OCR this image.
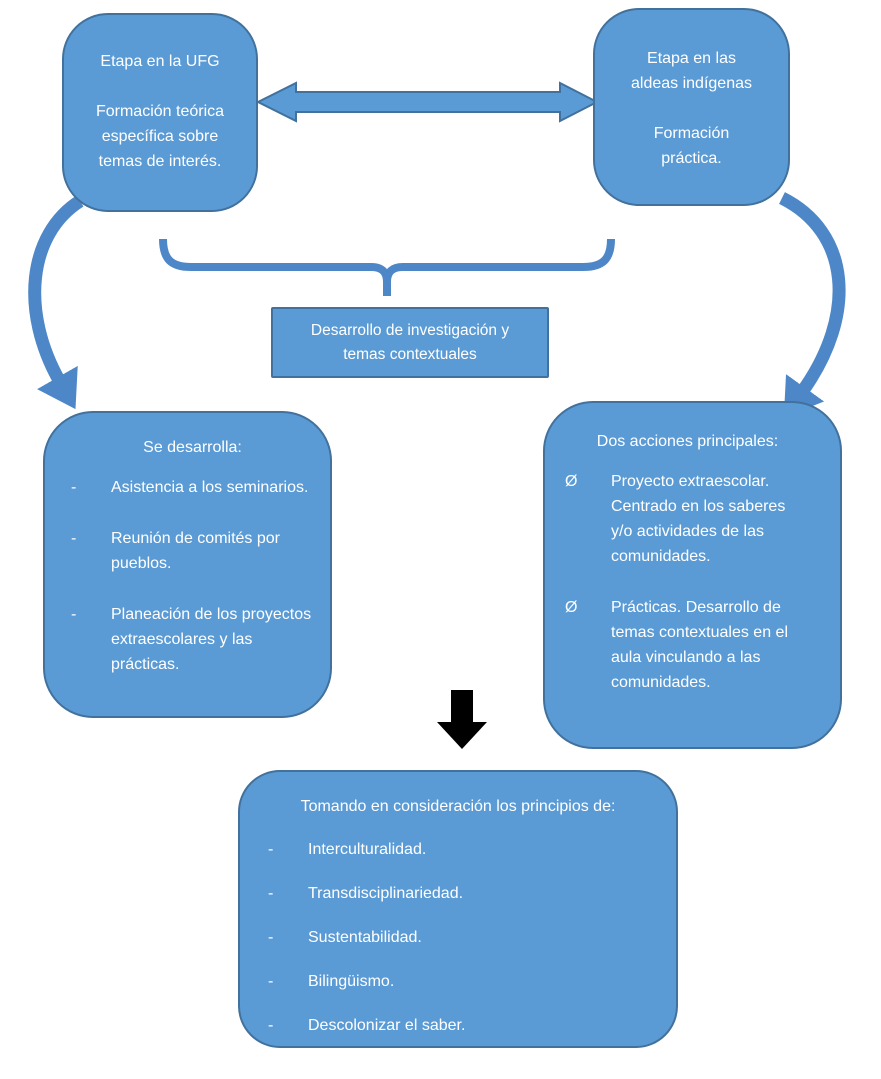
Etapa en la UFG
Formación teórica específica sobre temas de interés.
Etapa en las aldeas indígenas
Formación práctica.
Desarrollo de investigación y temas contextuales
Se desarrolla:
-	Asistencia a los seminarios.
-	Reunión de comités por pueblos.
-	Planeación de los proyectos extraescolares y las prácticas.
Dos acciones principales:
Ø	Proyecto extraescolar. Centrado en los saberes y/o actividades de las comunidades.
Ø	Prácticas. Desarrollo de temas contextuales en el aula vinculando a las comunidades.
Tomando en consideración los principios de:
-	Interculturalidad.
-	Transdisciplinariedad.
-	Sustentabilidad.
-	Bilingüismo.
-	Descolonizar el saber.
